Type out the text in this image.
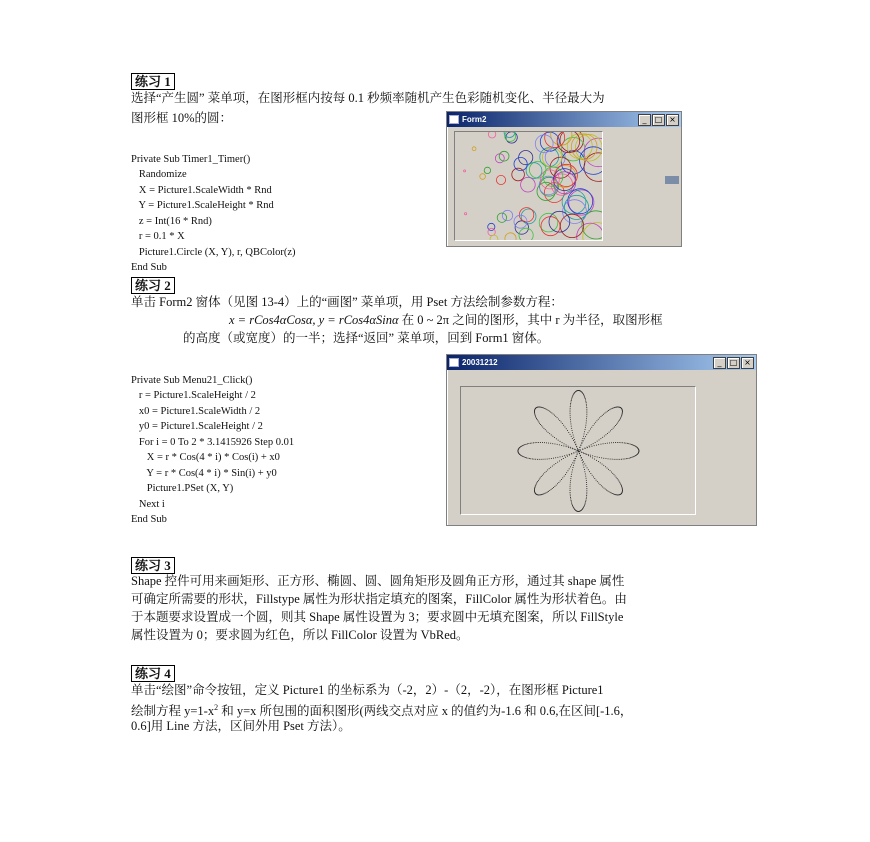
练习 1
选择“产生圆” 菜单项，在图形框内按每 0.1 秒频率随机产生色彩随机变化、半径最大为
图形框 10%的圆：

Private Sub Timer1_Timer()
Randomize
X = Picture1.ScaleWidth * Rnd
Y = Picture1.ScaleHeight * Rnd
z = Int(16 * Rnd)
r = 0.1 * X
Picture1.Circle (X, Y), r, QBColor(z)
End Sub

Form2	_	□ ×
练习 2
单击 Form2 窗体（见图 13-4）上的“画图” 菜单项，用 Pset 方法绘制参数方程：
x = rCos4αCosα, y = rCos4αSinα 在 0 ~ 2π 之间的图形，其中 r 为半径，取图形框
的高度（或宽度）的一半；选择“返回” 菜单项，回到 Form1 窗体。

Private Sub Menu21_Click()
r = Picture1.ScaleHeight / 2
x0 = Picture1.ScaleWidth / 2
y0 = Picture1.ScaleHeight / 2
For i = 0 To 2 * 3.1415926 Step 0.01
X = r * Cos(4 * i) * Cos(i) + x0
Y = r * Cos(4 * i) * Sin(i) + y0
Picture1.PSet (X, Y)
Next i
End Sub

20031212	_	□ ×
练习 3
Shape 控件可用来画矩形、正方形、椭圆、圆、圆角矩形及圆角正方形，通过其 shape 属性
可确定所需要的形状，Fillstype 属性为形状指定填充的图案，FillColor 属性为形状着色。由
于本题要求设置成一个圆，则其 Shape 属性设置为 3；要求圆中无填充图案，所以 FillStyle
属性设置为 0；要求圆为红色，所以 FillColor 设置为 VbRed。
练习 4
单击“绘图”命令按钮，定义 Picture1 的坐标系为（-2，2）-（2，-2），在图形框 Picture1
绘制方程 $y=1-x^2$ 和 y=x 所包围的面积图形(两线交点对应 x 的值约为-1.6 和 0.6,在区间[-1.6，
0.6]用 Line 方法，区间外用 Pset 方法）。
